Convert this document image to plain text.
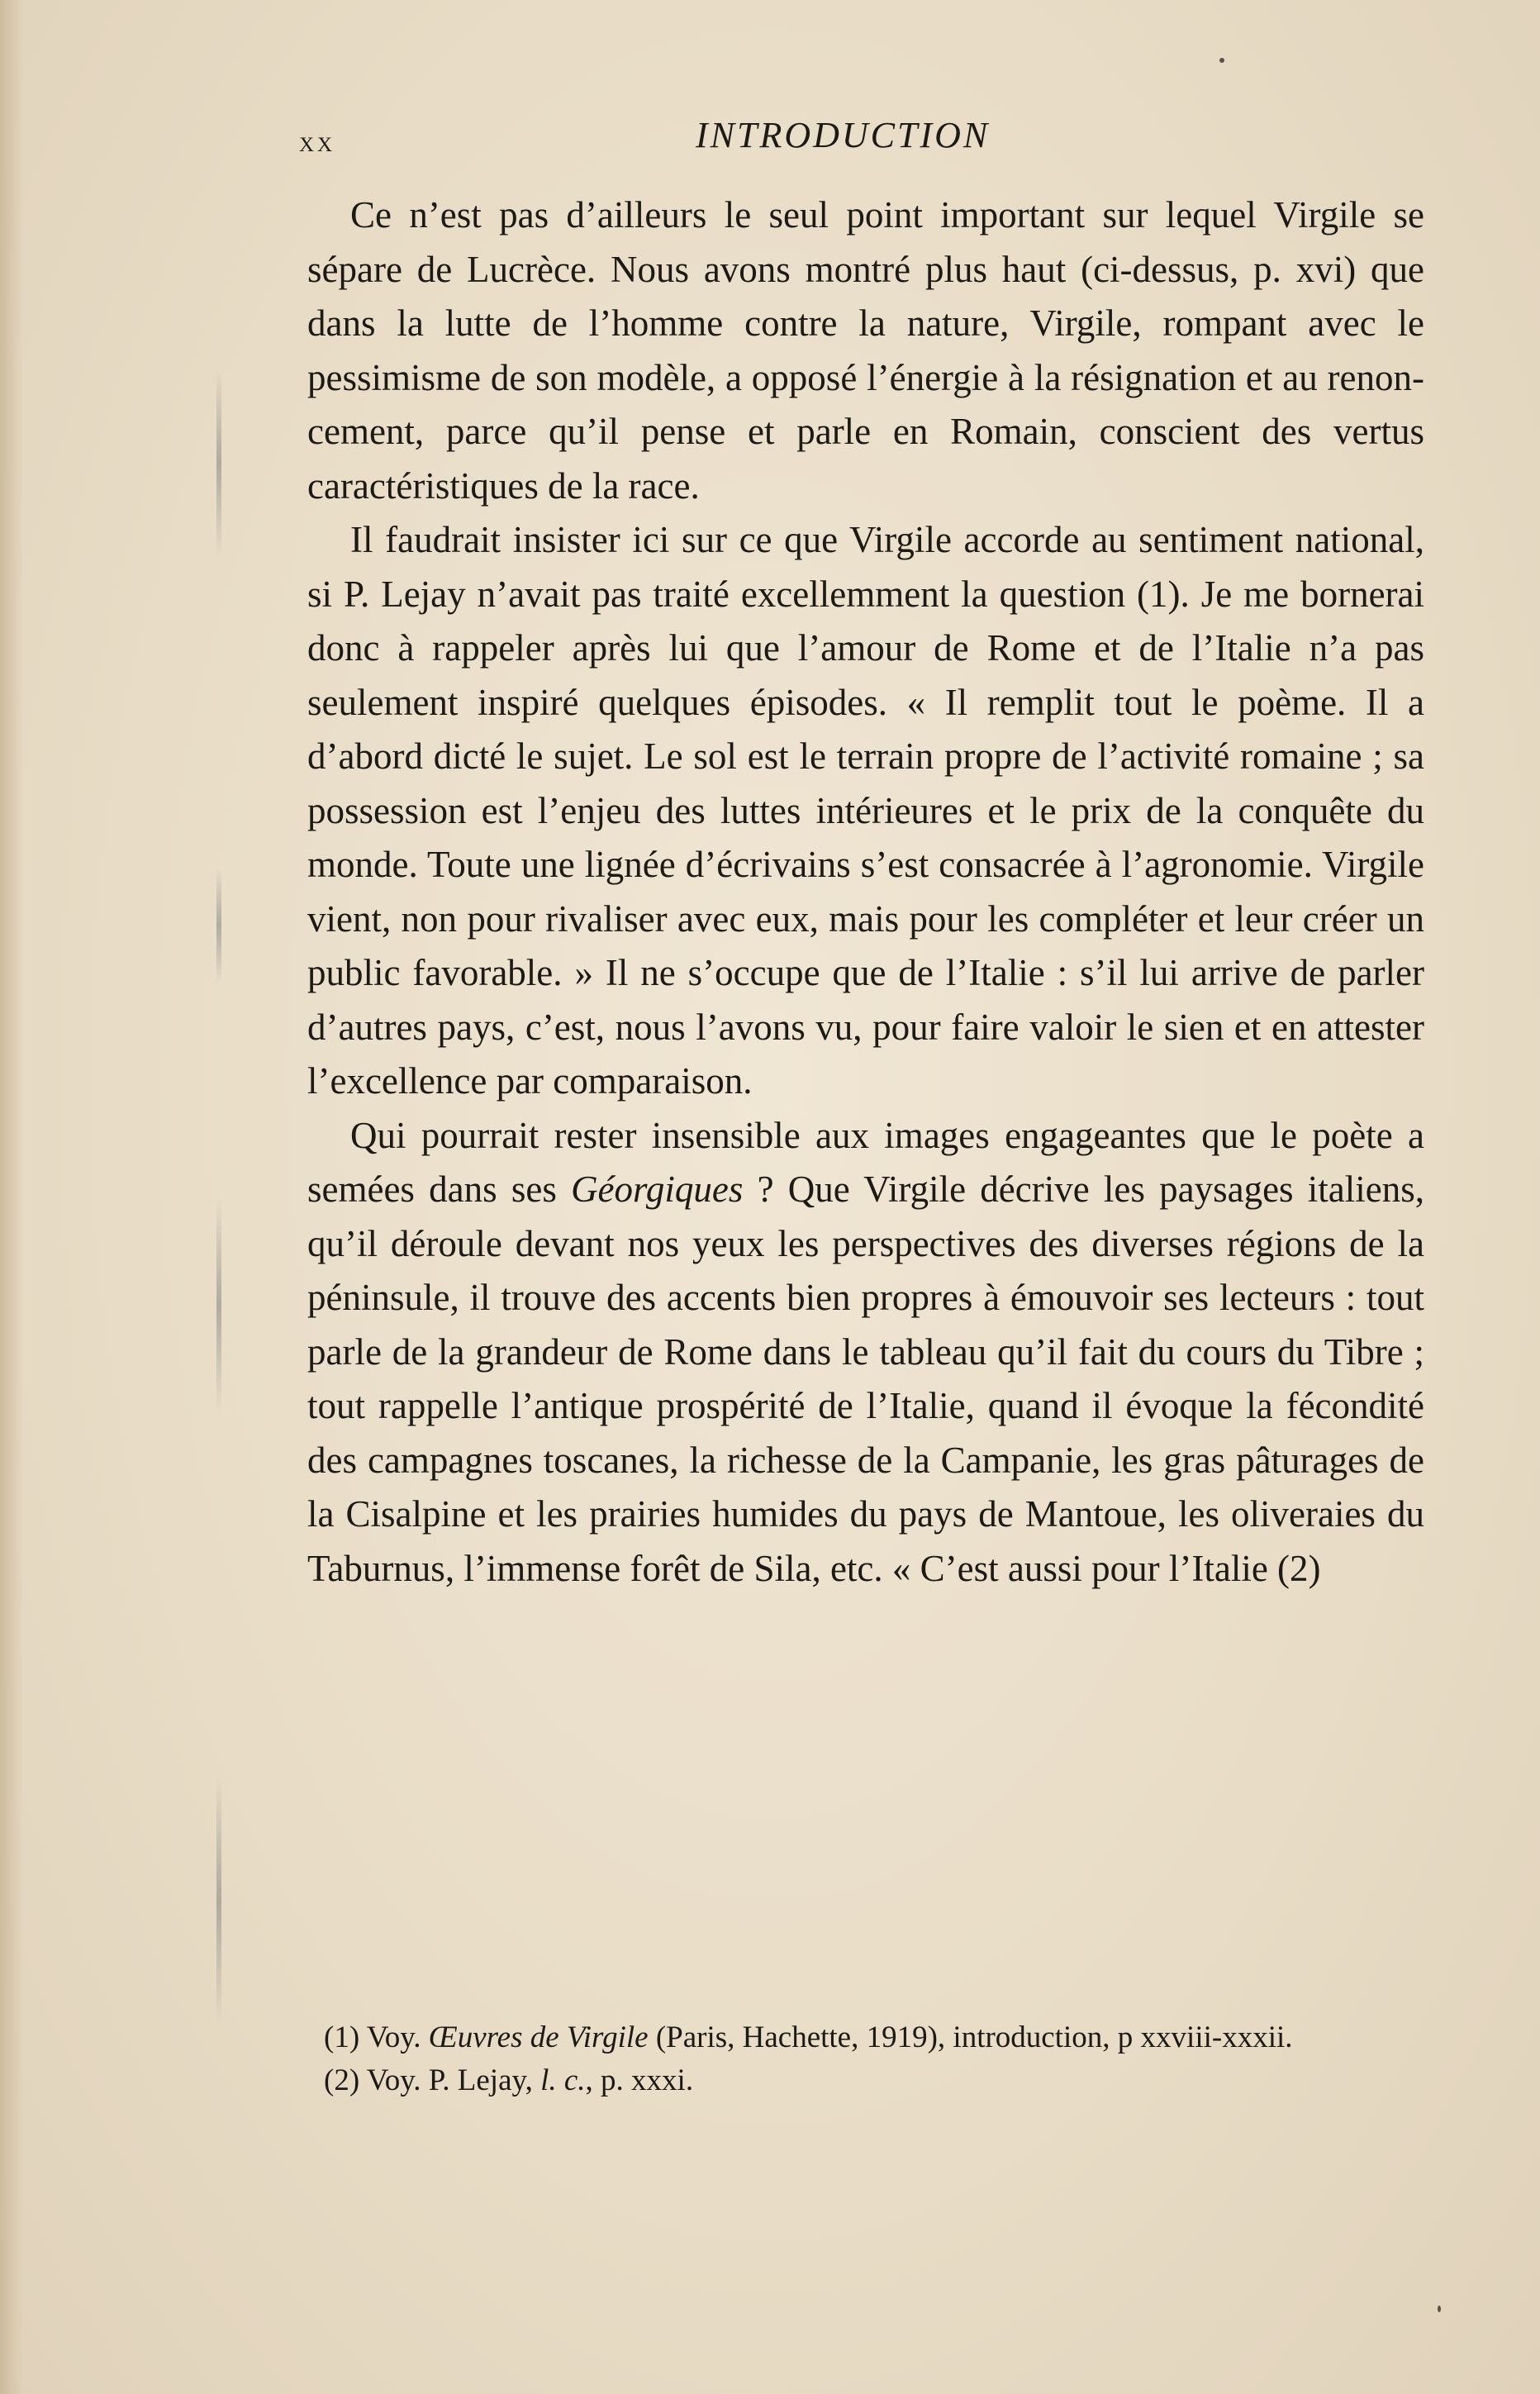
xx	INTRODUCTION

Ce n’est pas d’ailleurs le seul point important sur lequel Virgile se sépare de Lucrèce. Nous avons montré plus haut (ci-dessus, p. xvi) que dans la lutte de l’homme contre la nature, Virgile, rompant avec le pessimisme de son modèle, a opposé l’énergie à la résignation et au renoncement, parce qu’il pense et parle en Romain, conscient des vertus caractéristiques de la race.

Il faudrait insister ici sur ce que Virgile accorde au sentiment national, si P. Lejay n’avait pas traité excellemment la question (1). Je me bornerai donc à rappeler après lui que l’amour de Rome et de l’Italie n’a pas seulement inspiré quelques épisodes. « Il remplit tout le poème. Il a d’abord dicté le sujet. Le sol est le terrain propre de l’activité romaine ; sa possession est l’enjeu des luttes intérieures et le prix de la conquête du monde. Toute une lignée d’écrivains s’est consacrée à l’agronomie. Virgile vient, non pour rivaliser avec eux, mais pour les compléter et leur créer un public favorable. » Il ne s’occupe que de l’Italie : s’il lui arrive de parler d’autres pays, c’est, nous l’avons vu, pour faire valoir le sien et en attester l’excellence par comparaison.

Qui pourrait rester insensible aux images engageantes que le poète a semées dans ses Géorgiques ? Que Virgile décrive les paysages italiens, qu’il déroule devant nos yeux les perspectives des diverses régions de la péninsule, il trouve des accents bien propres à émouvoir ses lecteurs : tout parle de la grandeur de Rome dans le tableau qu’il fait du cours du Tibre ; tout rappelle l’antique prospérité de l’Italie, quand il évoque la fécondité des campagnes toscanes, la richesse de la Campanie, les gras pâturages de la Cisalpine et les prairies humides du pays de Mantoue, les oliveraies du Taburnus, l’immense forêt de Sila, etc. « C’est aussi pour l’Italie (2)

(1) Voy. Œuvres de Virgile (Paris, Hachette, 1919), introduction, p xxviii-xxxii.

(2) Voy. P. Lejay, l. c., p. xxxi.
